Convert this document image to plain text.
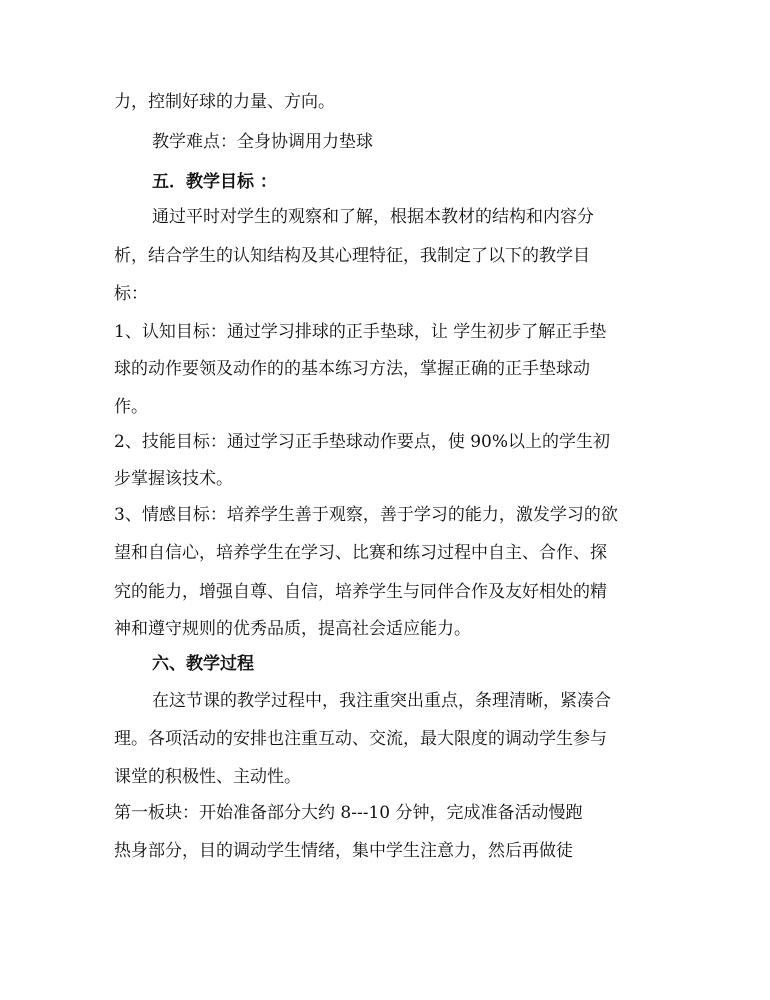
力，控制好球的力量、方向。
教学难点：全身协调用力垫球
五．教学目标 ：
通过平时对学生的观察和了解，根据本教材的结构和内容分
析，结合学生的认知结构及其心理特征，我制定了以下的教学目
标：
1、认知目标：通过学习排球的正手垫球，让 学生初步了解正手垫
球的动作要领及动作的的基本练习方法，掌握正确的正手垫球动
作。
2、技能目标：通过学习正手垫球动作要点，使 90%以上的学生初
步掌握该技术。
3、情感目标：培养学生善于观察，善于学习的能力，激发学习的欲
望和自信心，培养学生在学习、比赛和练习过程中自主、合作、探
究的能力，增强自尊、自信，培养学生与同伴合作及友好相处的精
神和遵守规则的优秀品质，提高社会适应能力。
六、教学过程
在这节课的教学过程中，我注重突出重点，条理清晰，紧凑合
理。各项活动的安排也注重互动、交流，最大限度的调动学生参与
课堂的积极性、主动性。
第一板块：开始准备部分大约 8---10 分钟，完成准备活动慢跑
热身部分，目的调动学生情绪，集中学生注意力，然后再做徒
